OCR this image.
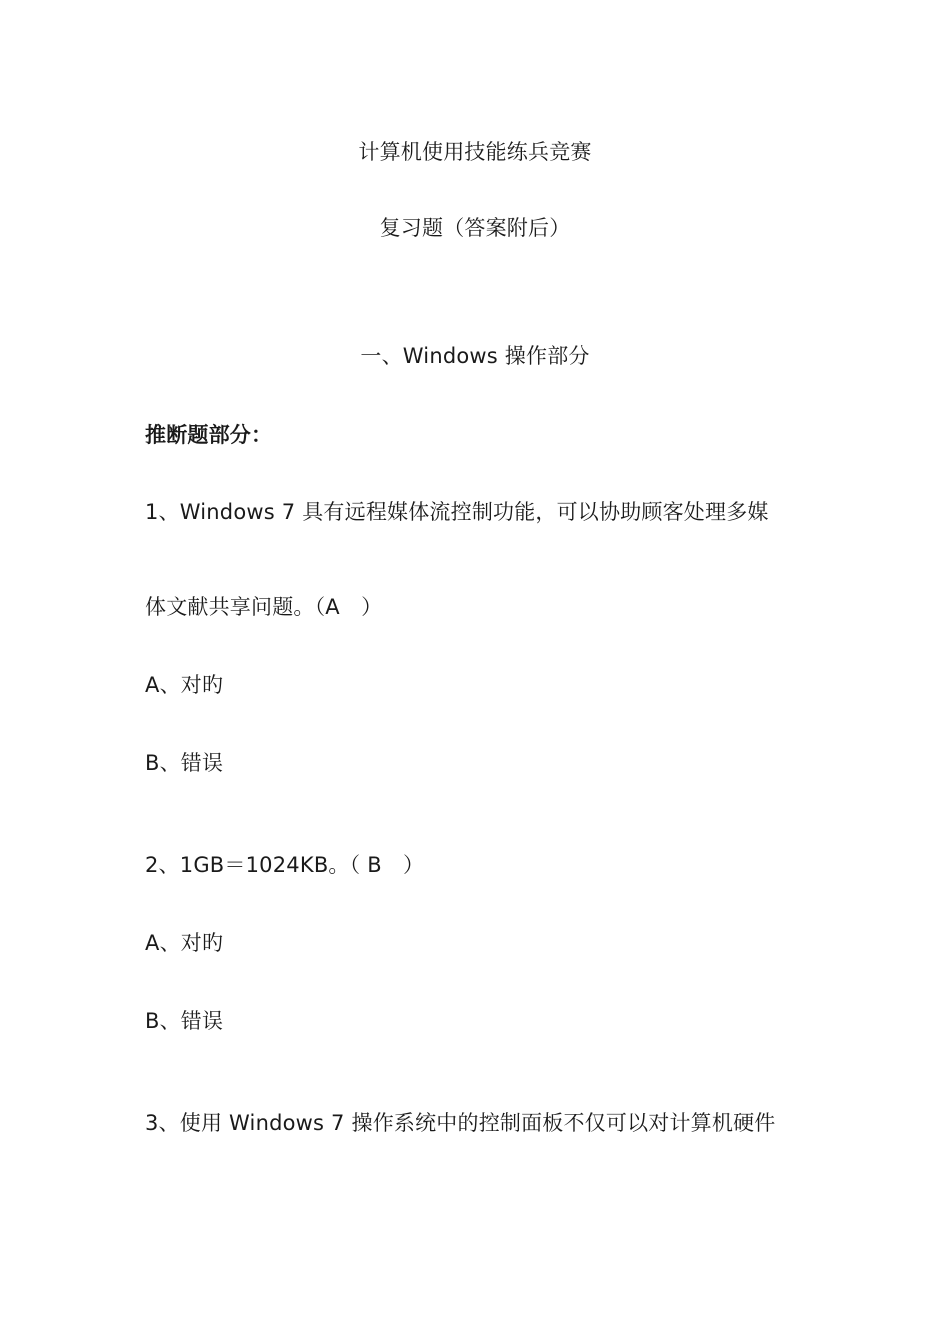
计算机使用技能练兵竞赛
复习题（答案附后）
一、Windows 操作部分
推断题部分：
1、Windows 7 具有远程媒体流控制功能，可以协助顾客处理多媒
体文献共享问题。（A　）
A、对旳
B、错误
2、1GB＝1024KB。（ B　）
A、对旳
B、错误
3、使用 Windows 7 操作系统中的控制面板不仅可以对计算机硬件
